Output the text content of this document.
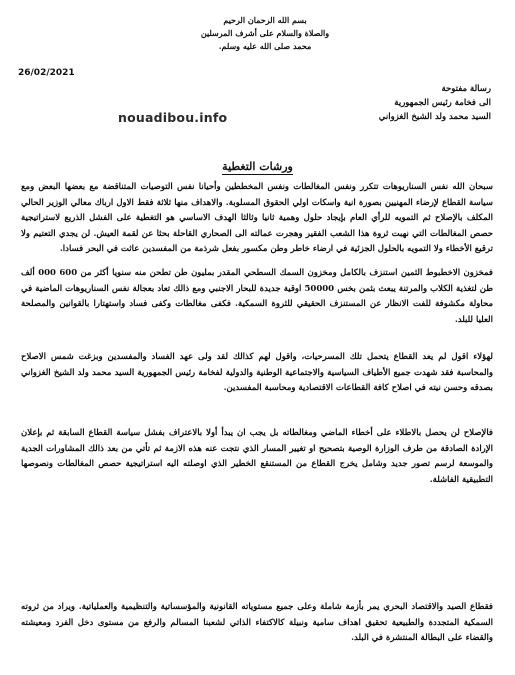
بسم الله الرحمان الرحيم
والصلاة والسلام على أشرف المرسلين
محمد صلى الله عليه وسلم.
26/02/2021
رسالة مفتوحة
الى فخامة رئيس الجمهورية
السيد محمد ولد الشيخ الغزواني
nouadibou.info
ورشات التغطية
سبحان الله نفس السناريوهات تتكرر ونفس المغالطات ونفس المخططين وأحيانا نفس التوصيات المتناقضة مع بعضها البعض ومع سياسة القطاع لإرضاء المهنيين بصورة انية واسكات اولي الحقوق المسلوبة. والاهداف منها ثلاثة فقط الاول ارباك معالي الوزير الحالي المكلف بالإصلاح ثم التمويه للرأي العام بإيجاد حلول وهمية ثانيا وثالثا الهدف الاساسي هو التغطية على الفشل الذريع لاستراتيجية حصص المغالطات التي نهبت ثروة هذا الشعب الفقير وهجرت عمالته الى الصحاري القاحلة بحثا عن لقمة العيش. لن يجدي التعتيم ولا ترقيع الأخطاء ولا التمويه بالحلول الجزئية في ارضاء خاطر وطن مكسور بفعل شرذمة من المفسدين عاثت في البحر فسادا.
فمخزون الاخطبوط الثمين استنزف بالكامل ومخزون السمك السطحي المقدر بمليون طن تطحن منه سنويا أكثر من 600 000 ألف طن لتغذية الكلاب والمرتنة يبعث بثمن بخس 50000 اوقية جديدة للبحار الاجنبي ومع ذالك تعاد بعجالة نفس السناريوهات الماضية في محاولة مكشوفة للفت الانظار عن المستنزف الحقيقي للثروة السمكية. فكفى مغالطات وكفى فساد واستهتارا بالقوانين والمصلحة العليا للبلد.
لهؤلاء اقول لم يعد القطاع يتحمل تلك المسرحيات، واقول لهم كذالك لقد ولى عهد الفساد والمفسدين وبزغت شمس الاصلاح والمحاسبة فقد شهدت جميع الأطياف السياسية والاجتماعية الوطنية والدولية لفخامة رئيس الجمهورية السيد محمد ولد الشيخ الغزواني بصدقه وحسن نيته في اصلاح كافة القطاعات الاقتصادية ومحاسبة المفسدين.
فالإصلاح لن يحصل بالاطلاء على أخطاء الماضي ومغالطاته بل يجب ان يبدأ أولا بالاعتراف بفشل سياسة القطاع السابقة ثم بإعلان الإرادة الصادقة من طرف الوزارة الوصية بتصحيح او تغيير المسار الذي نتجت عنه هذه الازمة ثم تأتي من بعد ذالك المشاورات الجدية والموسعة لرسم تصور جديد وشامل يخرج القطاع من المستنقع الخطير الذي اوصلته اليه استراتيجية حصص المغالطات ونصوصها التطبيقية الفاشلة.
فقطاع الصيد والاقتصاد البحري يمر بأزمة شاملة وعلى جميع مستوياته القانونية والمؤسساتية والتنظيمية والعملياتية. ويراد من ثروته السمكية المتجددة والطبيعية تحقيق اهداف سامية ونبيلة كالاكتفاء الذاتي لشعبنا المسالم والرفع من مستوى دخل الفرد ومعيشته والقضاء على البطالة المنتشرة في البلد.
